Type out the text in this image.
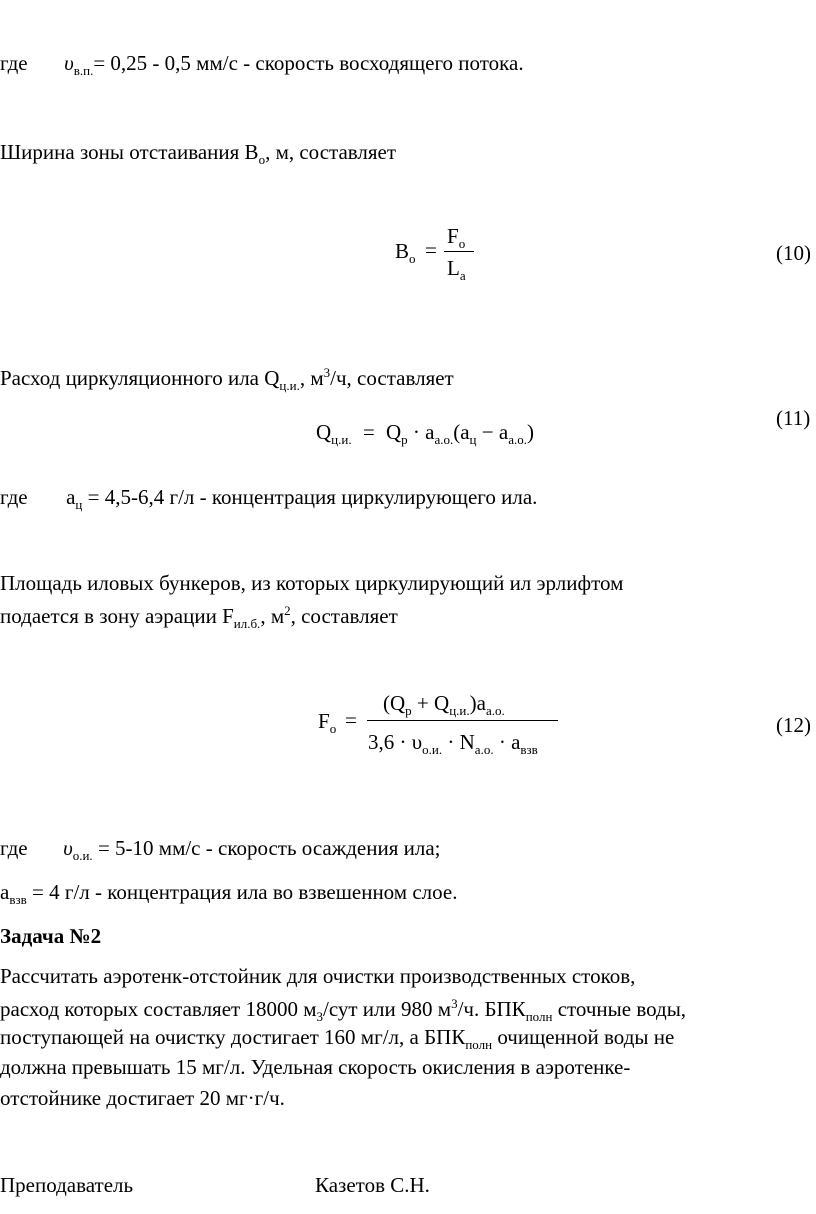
где $\upsilon_{в.п.}= 0,25 - 0,5$ мм/с - скорость восходящего потока.
Ширина зоны отстаивания $В_о$, м, составляет
$В_о$ =
$F_о$
$L_а$
(10)
Расход циркуляционного ила $Q_{ц.и.}$, $м^3/ч$, составляет
$Q_{ц.и.} = Q_р \cdot a_{а.о.}(a_ц - a_{а.о.})$
(11)
где $а_ц = 4,5-6,4$ г/л - концентрация циркулирующего ила.
Площадь иловых бункеров, из которых циркулирующий ил эрлифтом
подается в зону аэрации $F_{ил.б.}$, $м^2$, составляет
$F_о$ =
$(Q_р + Q_{ц.и.})a_{а.о.}$
$3,6 \cdot \upsilon_{о.и.} \cdot N_{а.о.} \cdot a_{взв}$
(12)
где $\upsilon_{о.и.} = 5-10$ мм/с - скорость осаждения ила;
$а_{взв} = 4$ г/л - концентрация ила во взвешенном слое.
Задача №2
Рассчитать аэротенк-отстойник для очистки производственных стоков,
расход которых составляет 18000 $м_3$/сут или 980 $м^3/ч$. $БПК_{полн}$ сточные воды,
поступающей на очистку достигает 160 мг/л, а $БПК_{полн}$ очищенной воды не
должна превышать 15 мг/л. Удельная скорость окисления в аэротенке-
отстойнике достигает 20 мг·г/ч.
Преподаватель	Казетов С.Н.
